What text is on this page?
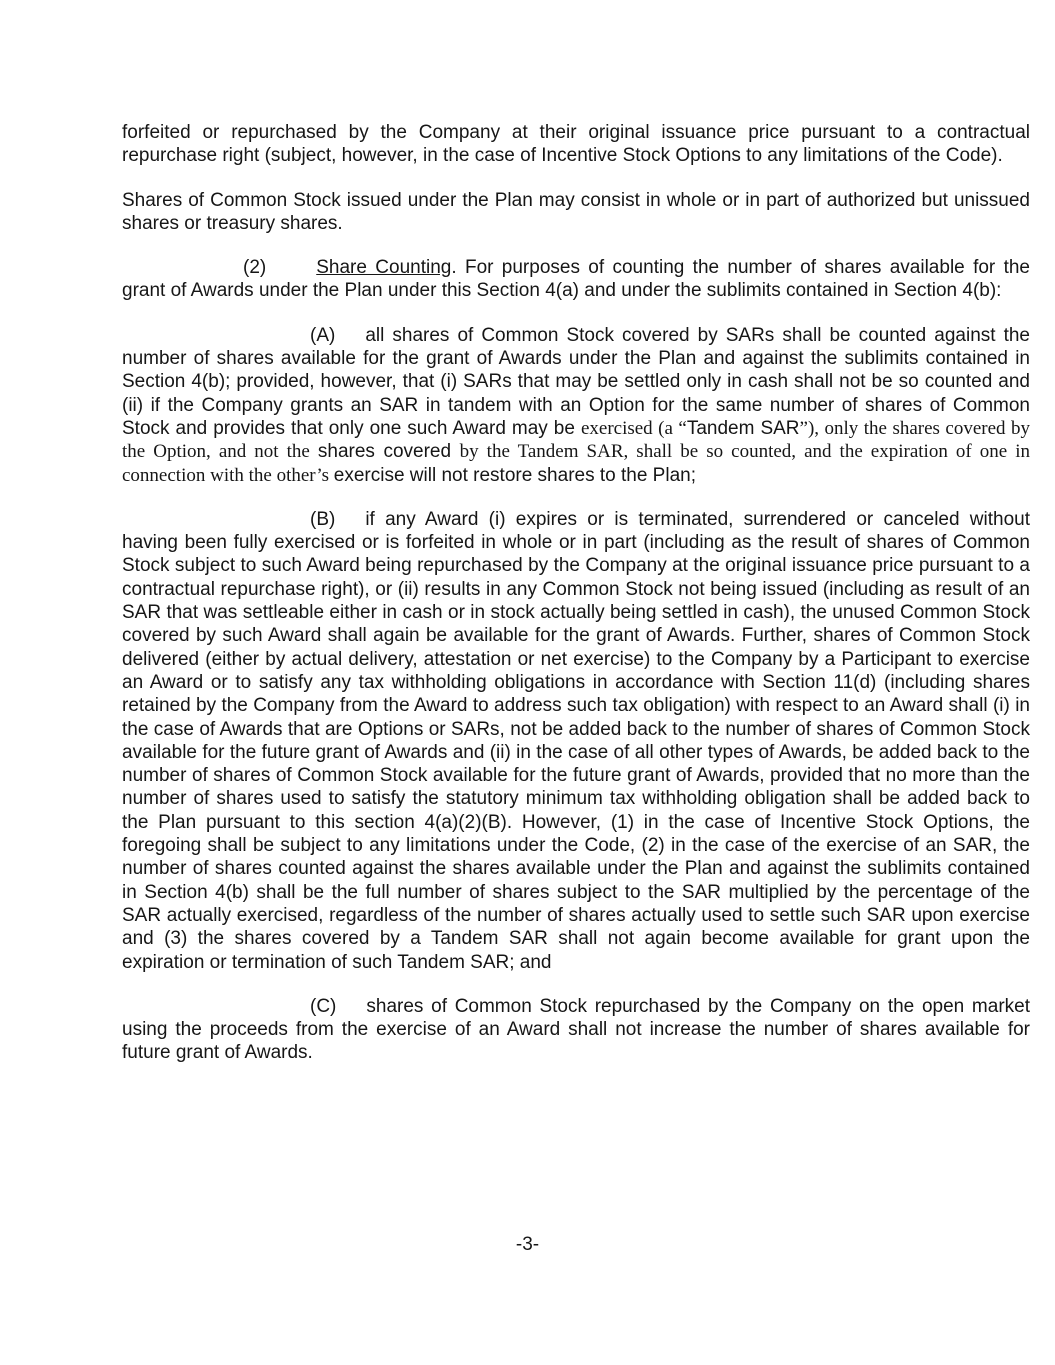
forfeited or repurchased by the Company at their original issuance price pursuant to a contractual repurchase right (subject, however, in the case of Incentive Stock Options to any limitations of the Code).

Shares of Common Stock issued under the Plan may consist in whole or in part of authorized but unissued shares or treasury shares.

(2)	Share Counting. For purposes of counting the number of shares available for the grant of Awards under the Plan under this Section 4(a) and under the sublimits contained in Section 4(b):

(A) all shares of Common Stock covered by SARs shall be counted against the number of shares available for the grant of Awards under the Plan and against the sublimits contained in Section 4(b); provided, however, that (i) SARs that may be settled only in cash shall not be so counted and (ii) if the Company grants an SAR in tandem with an Option for the same number of shares of Common Stock and provides that only one such Award may be exercised (a “Tandem SAR”), only the shares covered by the Option, and not the shares covered by the Tandem SAR, shall be so counted, and the expiration of one in connection with the other’s exercise will not restore shares to the Plan;

(B) if any Award (i) expires or is terminated, surrendered or canceled without having been fully exercised or is forfeited in whole or in part (including as the result of shares of Common Stock subject to such Award being repurchased by the Company at the original issuance price pursuant to a contractual repurchase right), or (ii) results in any Common Stock not being issued (including as result of an SAR that was settleable either in cash or in stock actually being settled in cash), the unused Common Stock covered by such Award shall again be available for the grant of Awards. Further, shares of Common Stock delivered (either by actual delivery, attestation or net exercise) to the Company by a Participant to exercise an Award or to satisfy any tax withholding obligations in accordance with Section 11(d) (including shares retained by the Company from the Award to address such tax obligation) with respect to an Award shall (i) in the case of Awards that are Options or SARs, not be added back to the number of shares of Common Stock available for the future grant of Awards and (ii) in the case of all other types of Awards, be added back to the number of shares of Common Stock available for the future grant of Awards, provided that no more than the number of shares used to satisfy the statutory minimum tax withholding obligation shall be added back to the Plan pursuant to this section 4(a)(2)(B). However, (1) in the case of Incentive Stock Options, the foregoing shall be subject to any limitations under the Code, (2) in the case of the exercise of an SAR, the number of shares counted against the shares available under the Plan and against the sublimits contained in Section 4(b) shall be the full number of shares subject to the SAR multiplied by the percentage of the SAR actually exercised, regardless of the number of shares actually used to settle such SAR upon exercise and (3) the shares covered by a Tandem SAR shall not again become available for grant upon the expiration or termination of such Tandem SAR; and

(C) shares of Common Stock repurchased by the Company on the open market using the proceeds from the exercise of an Award shall not increase the number of shares available for future grant of Awards.

-3-
